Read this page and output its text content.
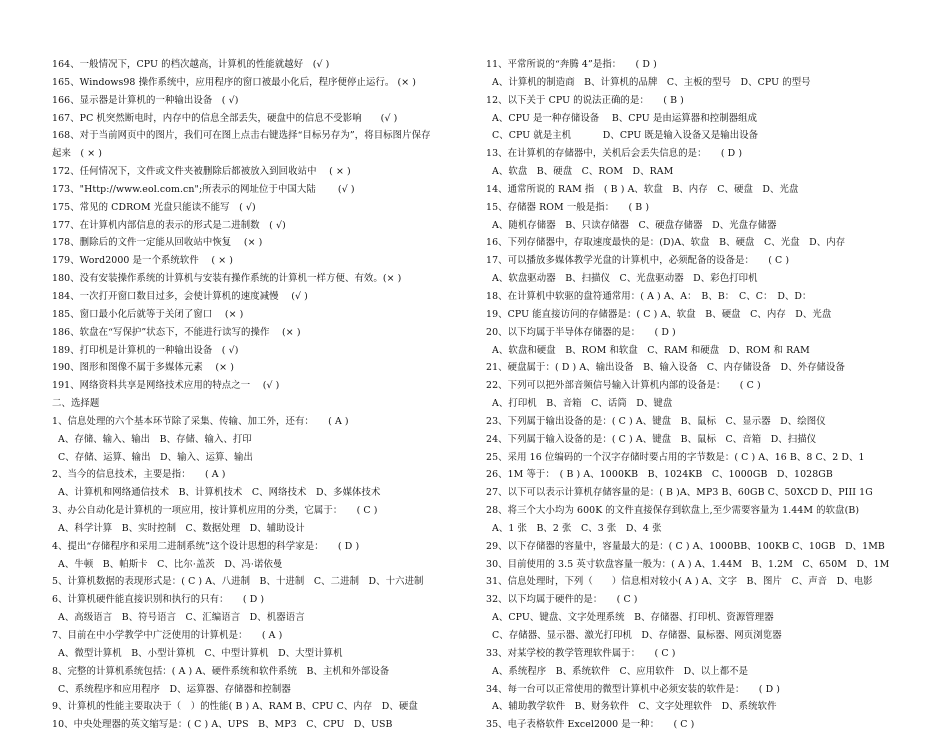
164、一般情况下，CPU 的档次越高，计算机的性能就越好　(√ )
165、Windows98 操作系统中，应用程序的窗口被最小化后，程序便停止运行。 (× )
166、显示器是计算机的一种输出设备　( √)
167、PC 机突然断电时，内存中的信息全部丢失，硬盘中的信息不受影响　　(√ )
168、对于当前网页中的图片，我们可在图上点击右键选择“目标另存为”，将目标图片保存
起来　( × )
172、任何情况下，文件或文件夹被删除后都被放入到回收站中　 ( × )
173、"Http://www.eol.com.cn";所表示的网址位于中国大陆　　 (√ )
175、常见的 CDROM 光盘只能读不能写　( √)
177、在计算机内部信息的表示的形式是二进制数　( √)
178、删除后的文件一定能从回收站中恢复　 (× )
179、Word2000 是一个系统软件　 ( × )
180、没有安装操作系统的计算机与安装有操作系统的计算机一样方便、有效。(× )
184、一次打开窗口数目过多，会使计算机的速度减慢　 (√ )
185、窗口最小化后就等于关闭了窗口　 (× )
186、软盘在“写保护”状态下，不能进行读写的操作　 (× )
189、打印机是计算机的一种输出设备　( √)
190、图形和图像不属于多媒体元素　 (× )
191、网络资料共享是网络技术应用的特点之一　 (√ )
二、选择题
1、信息处理的六个基本环节除了采集、传输、加工外，还有：　　( A )
A、存储、输入、输出　B、存储、输入、打印
C、存储、运算、输出　D、输入、运算、输出
2、当今的信息技术，主要是指：　　( A )
A、计算机和网络通信技术　B、计算机技术　C、网络技术　D、多媒体技术
3、办公自动化是计算机的一项应用，按计算机应用的分类，它属于：　　( C )
A、科学计算　B、实时控制　C、数据处理　D、辅助设计
4、提出“存储程序和采用二进制系统”这个设计思想的科学家是：　　( D )
A、牛顿　B、帕斯卡　C、比尔·盖茨　D、冯·诺依曼
5、计算机数据的表现形式是：( C ) A、八进制　B、十进制　C、二进制　D、十六进制
6、计算机硬件能直接识别和执行的只有：　　( D )
A、高级语言　B、符号语言　C、汇编语言　D、机器语言
7、目前在中小学教学中广泛使用的计算机是：　　( A )
A、微型计算机　B、小型计算机　C、中型计算机　D、大型计算机
8、完整的计算机系统包括：( A ) A、硬件系统和软件系统　B、主机和外部设备
C、系统程序和应用程序　D、运算器、存储器和控制器
9、计算机的性能主要取决于（　）的性能( B ) A、RAM B、CPU C、内存　D、硬盘
10、中央处理器的英文缩写是：( C ) A、UPS　B、MP3　C、CPU　D、USB
11、平常所说的“奔腾 4”是指：　　( D )
A、计算机的制造商　B、计算机的品牌　C、主板的型号　D、CPU 的型号
12、以下关于 CPU 的说法正确的是：　　( B )
A、CPU 是一种存储设备　 B、CPU 是由运算器和控制器组成
C、CPU 就是主机　　　 D、CPU 既是输入设备又是输出设备
13、在计算机的存储器中，关机后会丢失信息的是：　　( D )
A、软盘　B、硬盘　C、ROM　D、RAM
14、通常所说的 RAM 指　( B ) A、软盘　B、内存　C、硬盘　D、光盘
15、存储器 ROM 一般是指：　　( B )
A、随机存储器　B、只读存储器　C、硬盘存储器　D、光盘存储器
16、下列存储器中，存取速度最快的是：(D)A、软盘　B、硬盘　C、光盘　D、内存
17、可以播放多媒体教学光盘的计算机中，必须配备的设备是：　　( C )
A、软盘驱动器　B、扫描仪　C、光盘驱动器　D、彩色打印机
18、在计算机中软驱的盘符通常用：( A ) A、A：　B、B：　C、C：　D、D：
19、CPU 能直接访问的存储器是：( C ) A、软盘　B、硬盘　C、内存　D、光盘
20、以下均属于半导体存储器的是：　　( D )
A、软盘和硬盘　B、ROM 和软盘　C、RAM 和硬盘　D、ROM 和 RAM
21、硬盘属于：( D ) A、输出设备　B、输入设备　C、内存储设备　D、外存储设备
22、下列可以把外部音频信号输入计算机内部的设备是：　　( C )
A、打印机　B、音箱　C、话筒　D、键盘
23、下列属于输出设备的是：( C ) A、键盘　B、鼠标　C、显示器　D、绘图仪
24、下列属于输入设备的是：( C ) A、键盘　B、鼠标　C、音箱　D、扫描仪
25、采用 16 位编码的一个汉字存储时要占用的字节数是：( C ) A、16 B、8 C、2 D、1
26、1M 等于：　( B ) A、1000KB　B、1024KB　C、1000GB　D、1028GB
27、以下可以表示计算机存储容量的是：( B )A、MP3 B、60GB C、50XCD D、PIII 1G
28、将三个大小均为 600K 的文件直接保存到软盘上,至少需要容量为 1.44M 的软盘(B)
A、1 张　B、2 张　C、3 张　D、4 张
29、以下存储器的容量中，容量最大的是：( C ) A、1000BB、100KB C、10GB　D、1MB
30、目前使用的 3.5 英寸软盘容量一般为：( A ) A、1.44M　B、1.2M　C、650M　D、1M
31、信息处理时，下列（　　）信息相对较小( A ) A、文字　B、图片　C、声音　D、电影
32、以下均属于硬件的是：　　( C )
A、CPU、键盘、文字处理系统　B、存储器、打印机、资源管理器
C、存储器、显示器、激光打印机　D、存储器、鼠标器、网页浏览器
33、对某学校的教学管理软件属于：　　( C )
A、系统程序　B、系统软件　C、应用软件　D、以上都不是
34、每一台可以正常使用的微型计算机中必须安装的软件是：　　( D )
A、辅助教学软件　B、财务软件　C、文字处理软件　D、系统软件
35、电子表格软件 Excel2000 是一种：　　( C )
